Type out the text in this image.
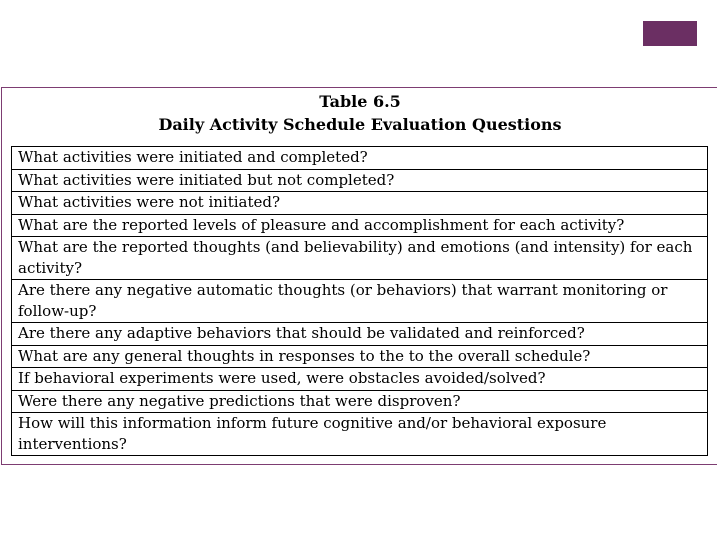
Table 6.5

Daily Activity Schedule Evaluation Questions

What activities were initiated and completed?
What activities were initiated but not completed?
What activities were not initiated?
What are the reported levels of pleasure and accomplishment for each activity?
What are the reported thoughts (and believability) and emotions (and intensity) for each activity?
Are there any negative automatic thoughts (or behaviors) that warrant monitoring or follow-up?
Are there any adaptive behaviors that should be validated and reinforced?
What are any general thoughts in responses to the to the overall schedule?
If behavioral experiments were used, were obstacles avoided/solved?
Were there any negative predictions that were disproven?
How will this information inform future cognitive and/or behavioral exposure interventions?
